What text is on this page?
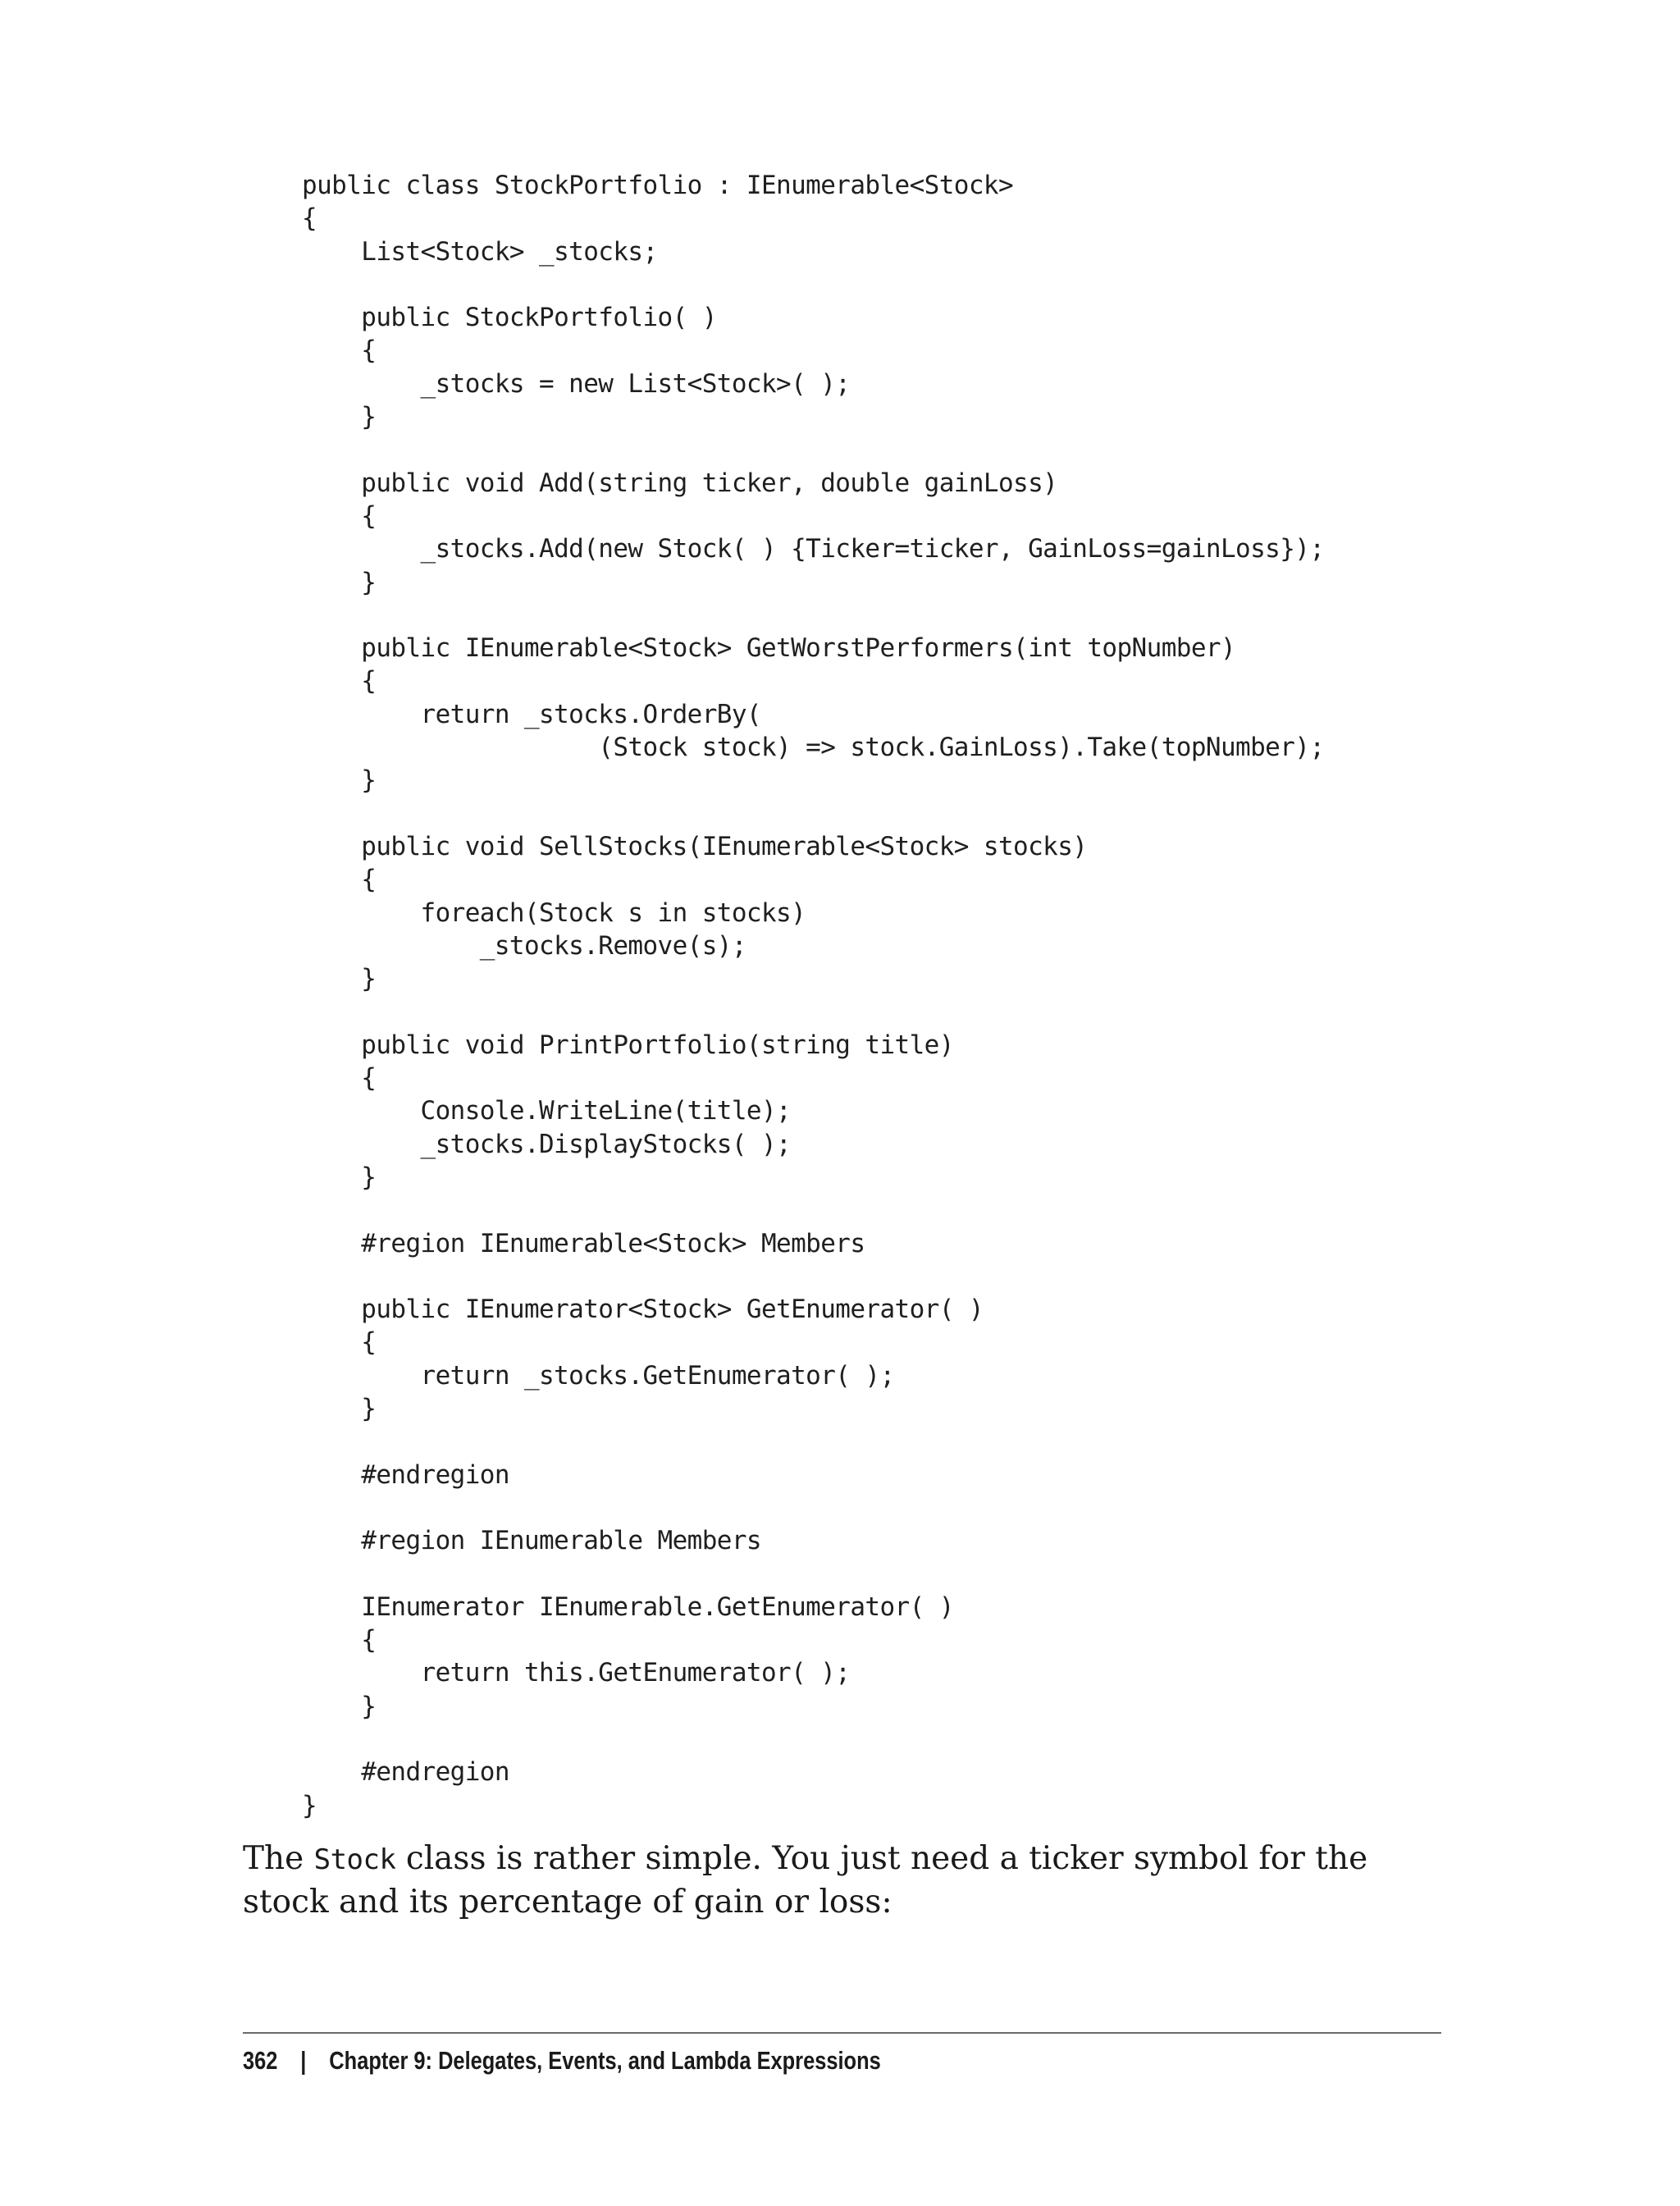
public class StockPortfolio : IEnumerable<Stock>
{
List<Stock> _stocks;
public StockPortfolio( )
{
_stocks = new List<Stock>( );
}
public void Add(string ticker, double gainLoss)
{
_stocks.Add(new Stock( ) {Ticker=ticker, GainLoss=gainLoss});
}
public IEnumerable<Stock> GetWorstPerformers(int topNumber)
{
return _stocks.OrderBy(
(Stock stock) => stock.GainLoss).Take(topNumber);
}
public void SellStocks(IEnumerable<Stock> stocks)
{
foreach(Stock s in stocks)
_stocks.Remove(s);
}
public void PrintPortfolio(string title)
{
Console.WriteLine(title);
_stocks.DisplayStocks( );
}
#region IEnumerable<Stock> Members
public IEnumerator<Stock> GetEnumerator( )
{
return _stocks.GetEnumerator( );
}
#endregion
#region IEnumerable Members
IEnumerator IEnumerable.GetEnumerator( )
{
return this.GetEnumerator( );
}
#endregion
}

The Stock class is rather simple. You just need a ticker symbol for the stock and its percentage of gain or loss:

362 | Chapter 9: Delegates, Events, and Lambda Expressions
